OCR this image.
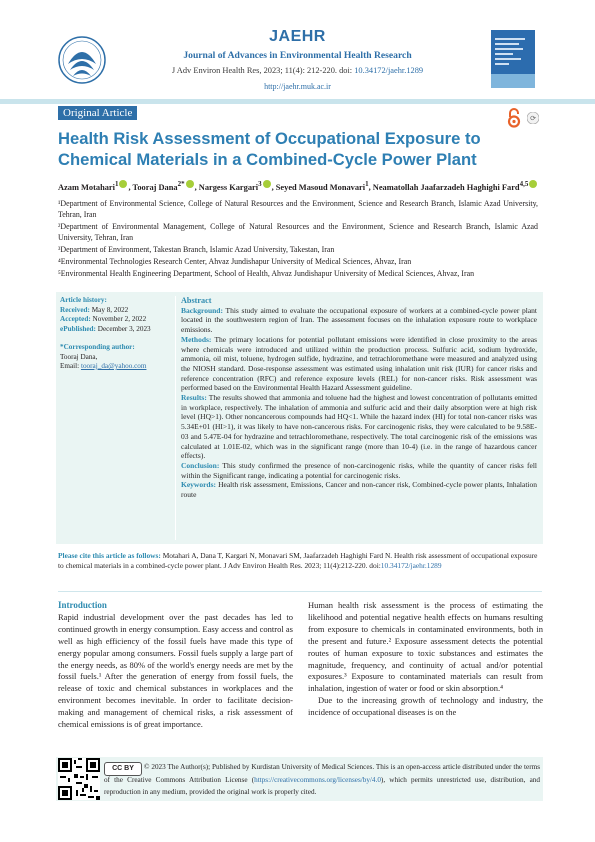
JAEHR
Journal of Advances in Environmental Health Research
J Adv Environ Health Res, 2023; 11(4): 212-220. doi: 10.34172/jaehr.1289
http://jaehr.muk.ac.ir
Original Article	⟳
Health Risk Assessment of Occupational Exposure to Chemical Materials in a Combined-Cycle Power Plant
Azam Motahari$^1$ , Tooraj Dana$^{2*}$ , Nargess Kargari$^3$ , Seyed Masoud Monavari$^1$, Neamatollah Jaafarzadeh Haghighi Fard$^{4,5}$

¹Department of Environmental Science, College of Natural Resources and the Environment, Science and Research Branch, Islamic Azad University, Tehran, Iran

²Department of Environmental Management, College of Natural Resources and the Environment, Science and Research Branch, Islamic Azad University, Tehran, Iran

³Department of Environment, Takestan Branch, Islamic Azad University, Takestan, Iran

⁴Environmental Technologies Research Center, Ahvaz Jundishapur University of Medical Sciences, Ahvaz, Iran

⁵Environmental Health Engineering Department, School of Health, Ahvaz Jundishapur University of Medical Sciences, Ahvaz, Iran

Article history:
Received: May 8, 2022
Accepted: November 2, 2022
ePublished: December 3, 2023
*Corresponding author:
Tooraj Dana,
Email: tooraj_da@yahoo.com
Abstract

Background: This study aimed to evaluate the occupational exposure of workers at a combined-cycle power plant located in the southwestern region of Iran. The assessment focuses on the inhalation exposure route to workplace emissions.

Methods: The primary locations for potential pollutant emissions were identified in close proximity to the areas where chemicals were introduced and utilized within the production process. Sulfuric acid, sodium hydroxide, ammonia, oil mist, toluene, hydrogen sulfide, hydrazine, and tetrachloromethane were measured and analyzed using the NIOSH standard. Dose-response assessment was estimated using inhalation unit risk (IUR) for cancer risks and reference concentration (RFC) and reference exposure levels (REL) for non-cancer risks. Risk assessment was performed based on the Environmental Health Hazard Assessment guideline.

Results: The results showed that ammonia and toluene had the highest and lowest concentration of pollutants emitted in workplace, respectively. The inhalation of ammonia and sulfuric acid and their daily absorption were at high risk level (HQ>1). Other noncancerous compounds had HQ<1. While the hazard index (HI) for total non-cancer risks was 5.34E+01 (HI>1), it was likely to have non-cancerous risks. For carcinogenic risks, they were calculated to be 9.58E-03 and 5.47E-04 for hydrazine and tetrachloromethane, respectively. The total carcinogenic risk of the emissions was calculated at 1.01E-02, which was in the significant range (more than 10-4) (i.e. in the range of hazardous cancer effects).

Conclusion: This study confirmed the presence of non-carcinogenic risks, while the quantity of cancer risks fell within the Significant range, indicating a potential for carcinogenic risks.

Keywords: Health risk assessment, Emissions, Cancer and non-cancer risk, Combined-cycle power plants, Inhalation route

Please cite this article as follows: Motahari A, Dana T, Kargari N, Monavari SM, Jaafarzadeh Haghighi Fard N. Health risk assessment of occupational exposure to chemical materials in a combined-cycle power plant. J Adv Environ Health Res. 2023; 11(4):212-220. doi:10.34172/jaehr.1289
Introduction

Rapid industrial development over the past decades has led to continued growth in energy consumption. Easy access and control as well as high efficiency of the fossil fuels have made this type of energy popular among consumers. Fossil fuels supply a large part of the energy needs, as 80% of the world's energy needs are met by the fossil fuels.¹ After the generation of energy from fossil fuels, the release of toxic and chemical substances in workplaces and the environment becomes inevitable. In order to facilitate decision-making and management of chemical risks, a risk assessment of chemical emissions is of great importance.

Human health risk assessment is the process of estimating the likelihood and potential negative health effects on humans resulting from exposure to chemicals in contaminated environments, both in the present and future.² Exposure assessment detects the potential routes of human exposure to toxic substances and estimates the magnitude, frequency, and continuity of actual and/or potential exposures.³ Exposure to contaminated materials can result from inhalation, ingestion of water or food or skin absorption.⁴

Due to the increasing growth of technology and industry, the incidence of occupational diseases is on the

CC BY	© 2023 The Author(s); Published by Kurdistan University of Medical Sciences. This is an open-access article distributed under the terms of the Creative Commons Attribution License (https://creativecommons.org/licenses/by/4.0), which permits unrestricted use, distribution, and reproduction in any medium, provided the original work is properly cited.
